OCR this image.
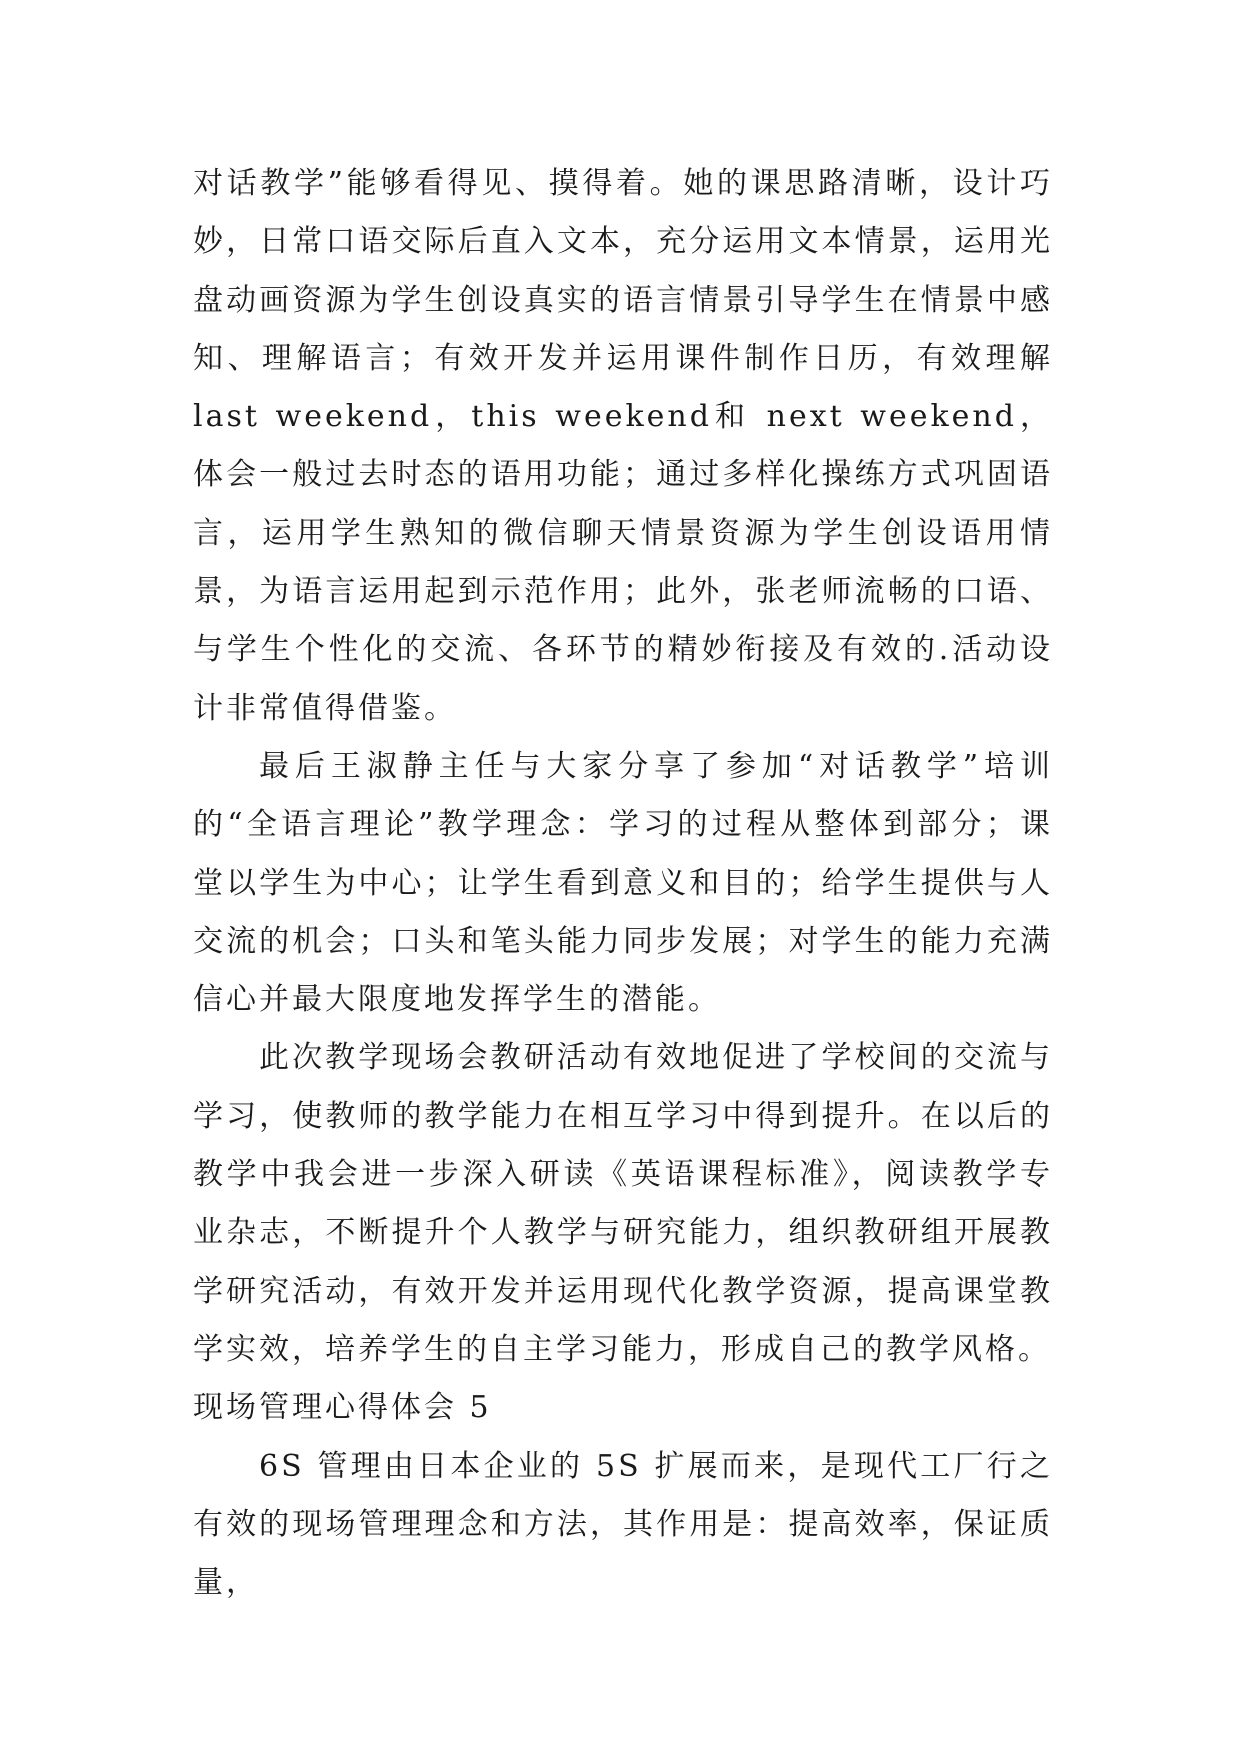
对话教学”能够看得见、摸得着。她的课思路清晰，设计巧妙，日常口语交际后直入文本，充分运用文本情景，运用光盘动画资源为学生创设真实的语言情景引导学生在情景中感知、理解语言；有效开发并运用课件制作日历，有效理解last weekend，this weekend和 next weekend，体会一般过去时态的语用功能；通过多样化操练方式巩固语言，运用学生熟知的微信聊天情景资源为学生创设语用情景，为语言运用起到示范作用；此外，张老师流畅的口语、与学生个性化的交流、各环节的精妙衔接及有效的.活动设计非常值得借鉴。

最后王淑静主任与大家分享了参加“对话教学”培训的“全语言理论”教学理念：学习的过程从整体到部分；课堂以学生为中心；让学生看到意义和目的；给学生提供与人交流的机会；口头和笔头能力同步发展；对学生的能力充满信心并最大限度地发挥学生的潜能。

此次教学现场会教研活动有效地促进了学校间的交流与学习，使教师的教学能力在相互学习中得到提升。在以后的教学中我会进一步深入研读《英语课程标准》，阅读教学专业杂志，不断提升个人教学与研究能力，组织教研组开展教学研究活动，有效开发并运用现代化教学资源，提高课堂教学实效，培养学生的自主学习能力，形成自己的教学风格。

现场管理心得体会 5

6S 管理由日本企业的 5S 扩展而来，是现代工厂行之有效的现场管理理念和方法，其作用是：提高效率，保证质量，
